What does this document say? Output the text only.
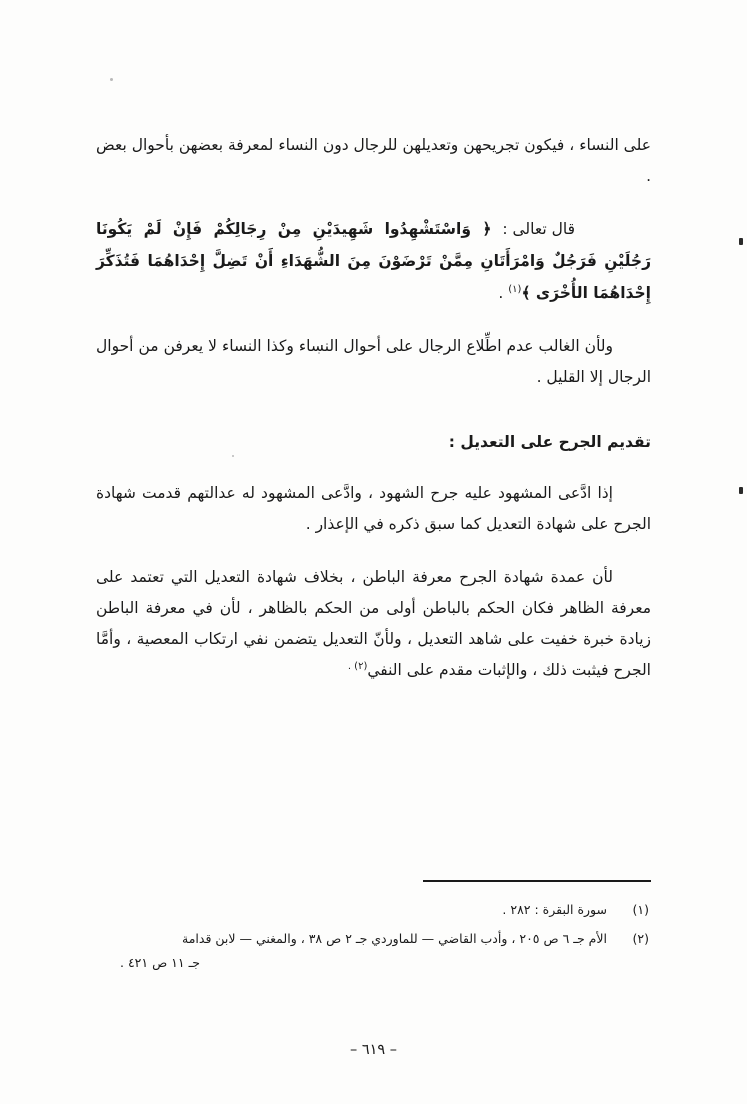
على النساء ، فيكون تجريحهن وتعديلهن للرجال دون النساء لمعرفة بعضهن بأحوال بعض .

قال تعالى : ﴿ وَاسْتَشْهِدُوا شَهِيدَيْنِ مِنْ رِجَالِكُمْ فَإِنْ لَمْ يَكُونَا رَجُلَيْنِ فَرَجُلٌ وَامْرَأَتَانِ مِمَّنْ تَرْضَوْنَ مِنَ الشُّهَدَاءِ أَنْ تَضِلَّ إِحْدَاهُمَا فَتُذَكِّرَ إِحْدَاهُمَا الأُخْرَى ﴾$^{(١)}$ .

ولأن الغالب عدم اطِّلاع الرجال على أحوال النساء وكذا النساء لا يعرفن من أحوال الرجال إلا القليل .

تقديم الجرح على التعديل :

إذا ادَّعى المشهود عليه جرح الشهود ، وادَّعى المشهود له عدالتهم قدمت شهادة الجرح على شهادة التعديل كما سبق ذكره في الإعذار .

لأن عمدة شهادة الجرح معرفة الباطن ، بخلاف شهادة التعديل التي تعتمد على معرفة الظاهر فكان الحكم بالباطن أولى من الحكم بالظاهر ، لأن في معرفة الباطن زيادة خبرة خفيت على شاهد التعديل ، ولأنّ التعديل يتضمن نفي ارتكاب المعصية ، وأمَّا الجرح فيثبت ذلك ، والإثبات مقدم على النفي$^{(٢) .}$

(١)
سورة البقرة : ٢٨٢ .
(٢)
الأم جـ ٦ ص ٢٠٥ ، وأدب القاضي — للماوردي جـ ٢ ص ٣٨ ، والمغني — لابن قدامة
جـ ١١ ص ٤٢١ .
– ٦١٩ –
